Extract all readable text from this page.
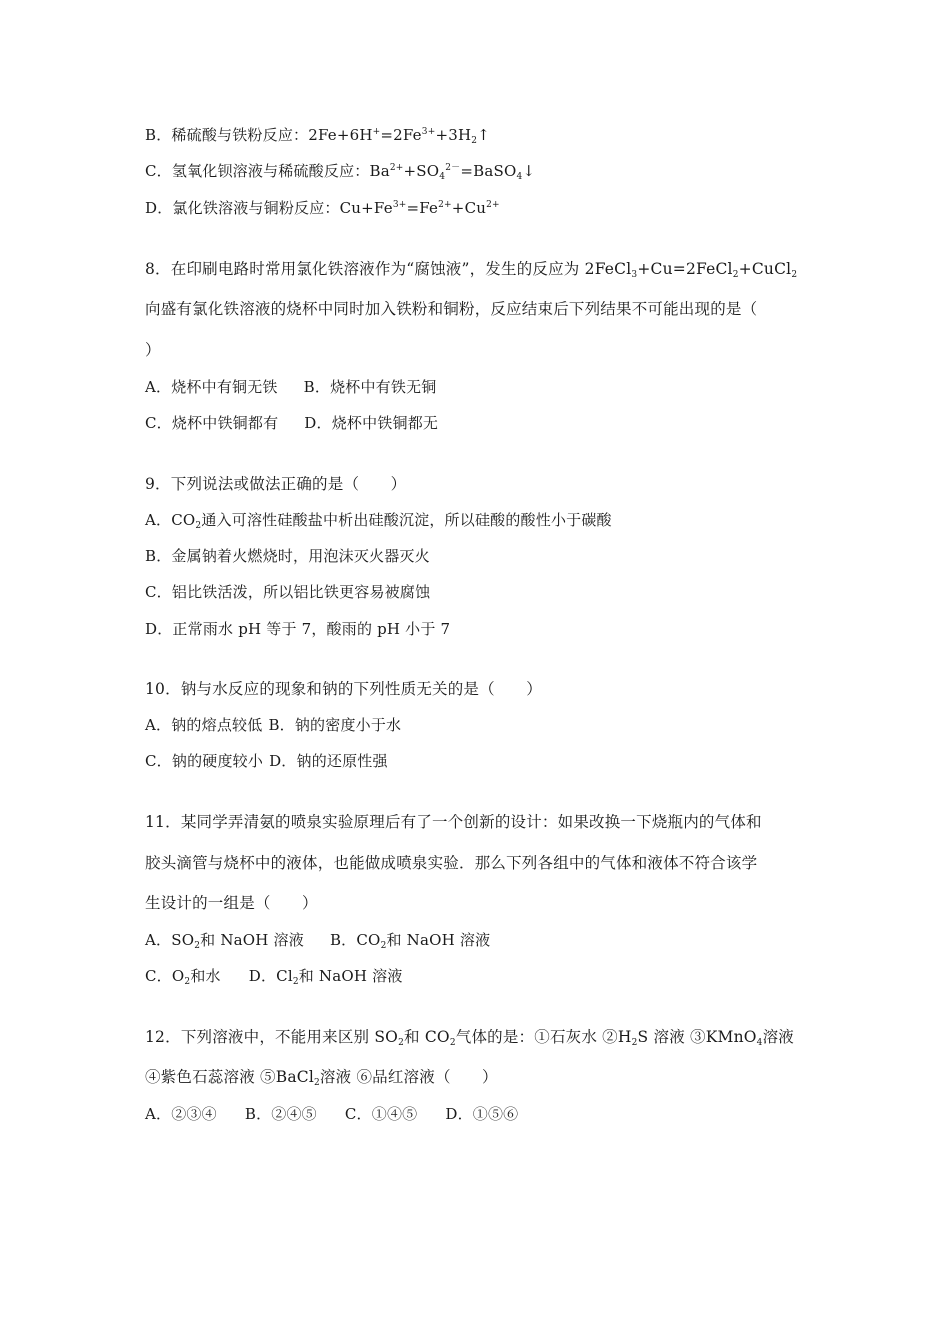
B．稀硫酸与铁粉反应：$2Fe+6H^+=2Fe^{3+}+3H_2↑$
C．氢氧化钡溶液与稀硫酸反应：$Ba^{2+}+SO_4^{2-}=BaSO_4↓$
D．氯化铁溶液与铜粉反应：$Cu+Fe^{3+}=Fe^{2+}+Cu^{2+}$
8．在印刷电路时常用氯化铁溶液作为“腐蚀液”，发生的反应为 2FeCl$_3$+Cu=2FeCl$_2$+CuCl$_2$
向盛有氯化铁溶液的烧杯中同时加入铁粉和铜粉，反应结束后下列结果不可能出现的是（
）
A．烧杯中有铜无铁 B．烧杯中有铁无铜
C．烧杯中铁铜都有 D．烧杯中铁铜都无
9．下列说法或做法正确的是（　　）
A．$CO_2$通入可溶性硅酸盐中析出硅酸沉淀，所以硅酸的酸性小于碳酸
B．金属钠着火燃烧时，用泡沫灭火器灭火
C．铝比铁活泼，所以铝比铁更容易被腐蚀
D．正常雨水 pH 等于 7，酸雨的 pH 小于 7
10．钠与水反应的现象和钠的下列性质无关的是（　　）
A．钠的熔点较低 B．钠的密度小于水
C．钠的硬度较小 D．钠的还原性强
11．某同学弄清氨的喷泉实验原理后有了一个创新的设计：如果改换一下烧瓶内的气体和
胶头滴管与烧杯中的液体，也能做成喷泉实验．那么下列各组中的气体和液体不符合该学
生设计的一组是（　　）
A．$SO_2$和 NaOH 溶液 B．$CO_2$和 NaOH 溶液
C．$O_2$和水 D．$Cl_2$和 NaOH 溶液
12．下列溶液中，不能用来区别 $SO_2$和 $CO_2$气体的是：①石灰水 $②H_2S$ 溶液 ③KMnO$_4$溶液
④紫色石蕊溶液 ⑤BaCl$_2$溶液 ⑥品红溶液（　　）
A．②③④ B．②④⑤ C．①④⑤ D．①⑤⑥
